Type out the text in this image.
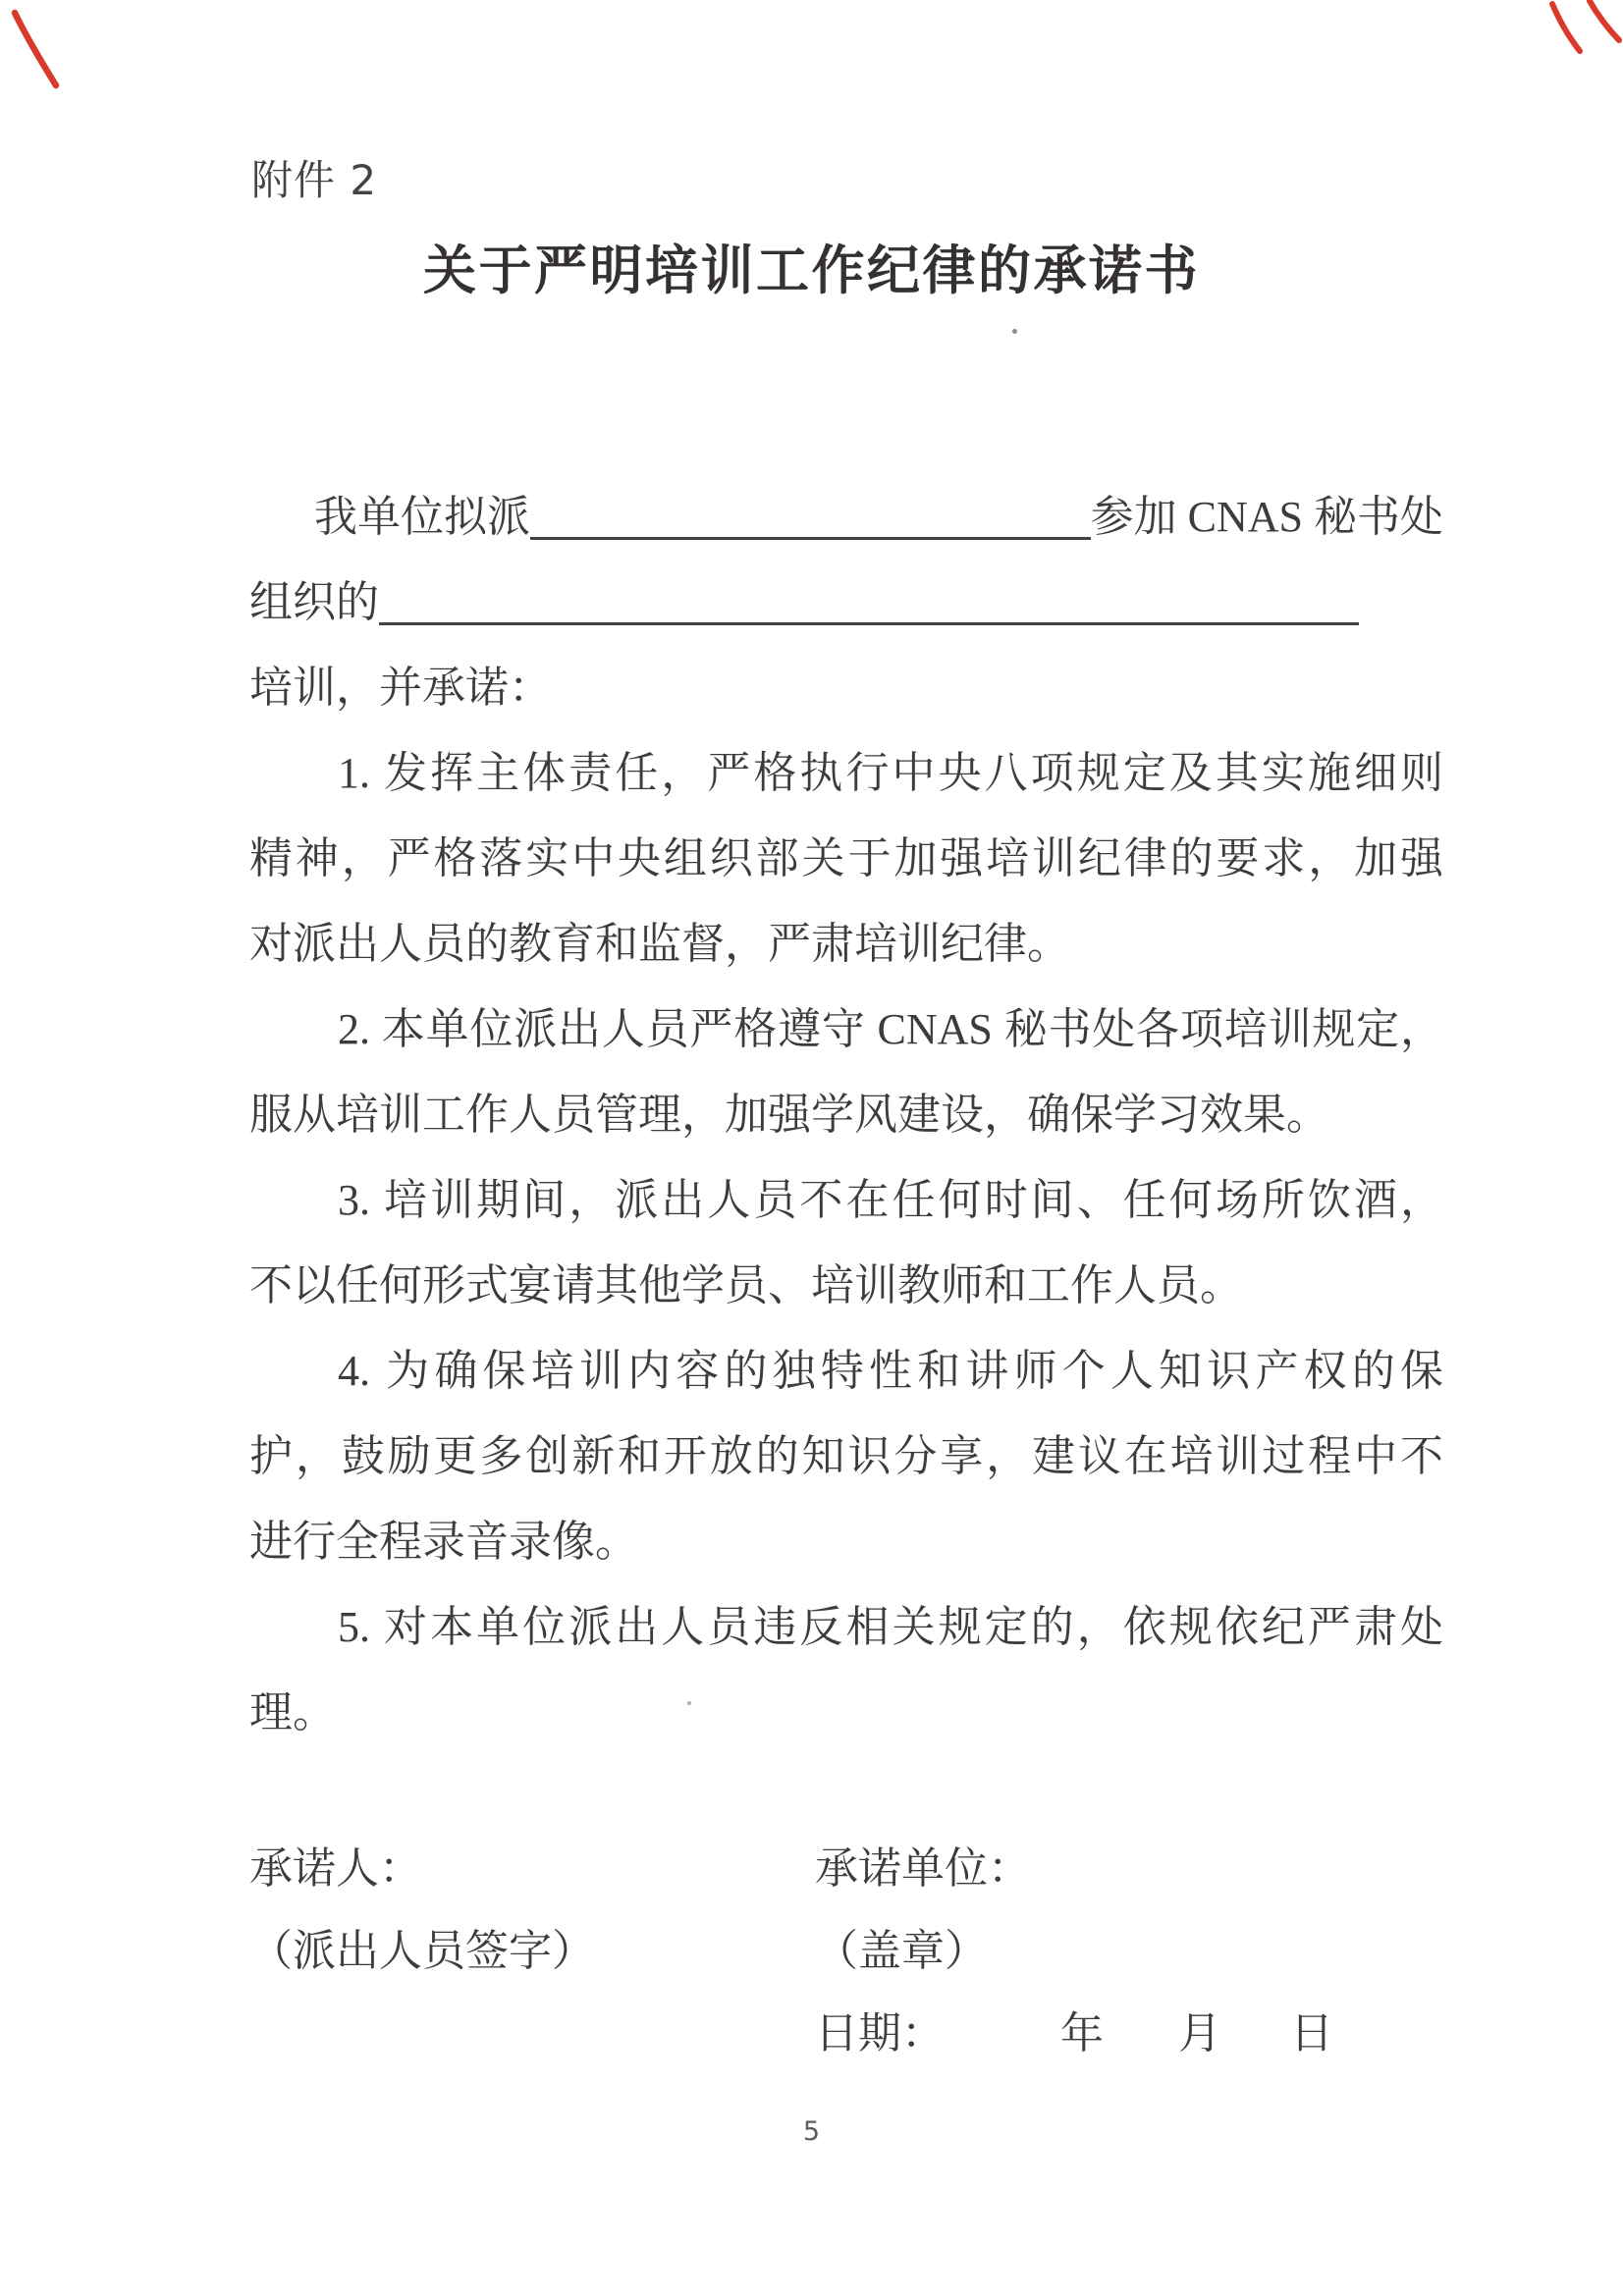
附件 2
关于严明培训工作纪律的承诺书
我单位拟派	参加 CNAS 秘书处
组织的
培训，并承诺：
1. 发挥主体责任，严格执行中央八项规定及其实施细则
精神，严格落实中央组织部关于加强培训纪律的要求，加强
对派出人员的教育和监督，严肃培训纪律。
2. 本单位派出人员严格遵守 CNAS 秘书处各项培训规定，
服从培训工作人员管理，加强学风建设，确保学习效果。
3. 培训期间，派出人员不在任何时间、任何场所饮酒，
不以任何形式宴请其他学员、培训教师和工作人员。
4. 为确保培训内容的独特性和讲师个人知识产权的保
护，鼓励更多创新和开放的知识分享，建议在培训过程中不
进行全程录音录像。
5. 对本单位派出人员违反相关规定的，依规依纪严肃处
理。
承诺人：
（派出人员签字）
承诺单位：
（盖章）
日期：	年 月 日
5
